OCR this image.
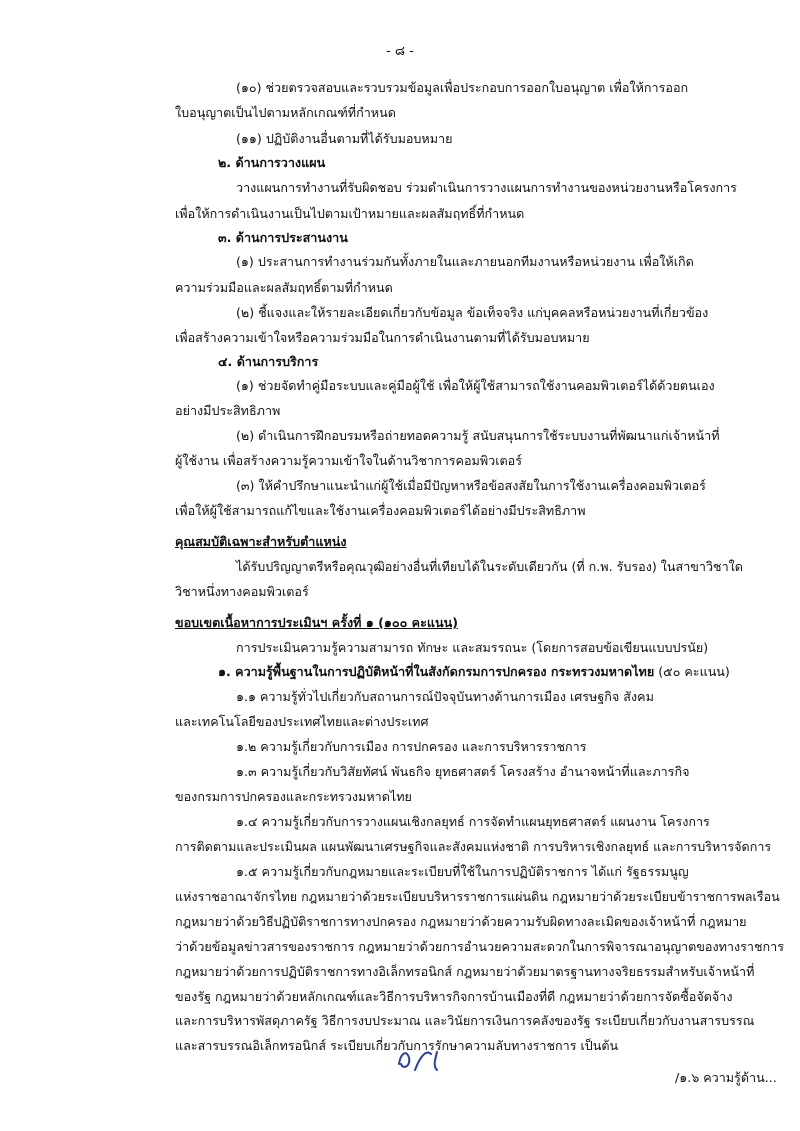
- ๘ -
(๑๐) ช่วยตรวจสอบและรวบรวมข้อมูลเพื่อประกอบการออกใบอนุญาต เพื่อให้การออก
ใบอนุญาตเป็นไปตามหลักเกณฑ์ที่กำหนด
(๑๑) ปฏิบัติงานอื่นตามที่ได้รับมอบหมาย
๒. ด้านการวางแผน
วางแผนการทำงานที่รับผิดชอบ ร่วมดำเนินการวางแผนการทำงานของหน่วยงานหรือโครงการ
เพื่อให้การดำเนินงานเป็นไปตามเป้าหมายและผลสัมฤทธิ์ที่กำหนด
๓. ด้านการประสานงาน
(๑) ประสานการทำงานร่วมกันทั้งภายในและภายนอกทีมงานหรือหน่วยงาน เพื่อให้เกิด
ความร่วมมือและผลสัมฤทธิ์ตามที่กำหนด
(๒) ชี้แจงและให้รายละเอียดเกี่ยวกับข้อมูล ข้อเท็จจริง แก่บุคคลหรือหน่วยงานที่เกี่ยวข้อง
เพื่อสร้างความเข้าใจหรือความร่วมมือในการดำเนินงานตามที่ได้รับมอบหมาย
๔. ด้านการบริการ
(๑) ช่วยจัดทำคู่มือระบบและคู่มือผู้ใช้ เพื่อให้ผู้ใช้สามารถใช้งานคอมพิวเตอร์ได้ด้วยตนเอง
อย่างมีประสิทธิภาพ
(๒) ดำเนินการฝึกอบรมหรือถ่ายทอดความรู้ สนับสนุนการใช้ระบบงานที่พัฒนาแก่เจ้าหน้าที่
ผู้ใช้งาน เพื่อสร้างความรู้ความเข้าใจในด้านวิชาการคอมพิวเตอร์
(๓) ให้คำปรึกษาแนะนำแก่ผู้ใช้เมื่อมีปัญหาหรือข้อสงสัยในการใช้งานเครื่องคอมพิวเตอร์
เพื่อให้ผู้ใช้สามารถแก้ไขและใช้งานเครื่องคอมพิวเตอร์ได้อย่างมีประสิทธิภาพ
คุณสมบัติเฉพาะสำหรับตำแหน่ง
ได้รับปริญญาตรีหรือคุณวุฒิอย่างอื่นที่เทียบได้ในระดับเดียวกัน (ที่ ก.พ. รับรอง) ในสาขาวิชาใด
วิชาหนึ่งทางคอมพิวเตอร์
ขอบเขตเนื้อหาการประเมินฯ ครั้งที่ ๑ (๑๐๐ คะแนน)
การประเมินความรู้ความสามารถ ทักษะ และสมรรถนะ (โดยการสอบข้อเขียนแบบปรนัย)
๑. ความรู้พื้นฐานในการปฏิบัติหน้าที่ในสังกัดกรมการปกครอง กระทรวงมหาดไทย (๕๐ คะแนน)
๑.๑ ความรู้ทั่วไปเกี่ยวกับสถานการณ์ปัจจุบันทางด้านการเมือง เศรษฐกิจ สังคม
และเทคโนโลยีของประเทศไทยและต่างประเทศ
๑.๒ ความรู้เกี่ยวกับการเมือง การปกครอง และการบริหารราชการ
๑.๓ ความรู้เกี่ยวกับวิสัยทัศน์ พันธกิจ ยุทธศาสตร์ โครงสร้าง อำนาจหน้าที่และภารกิจ
ของกรมการปกครองและกระทรวงมหาดไทย
๑.๔ ความรู้เกี่ยวกับการวางแผนเชิงกลยุทธ์ การจัดทำแผนยุทธศาสตร์ แผนงาน โครงการ
การติดตามและประเมินผล แผนพัฒนาเศรษฐกิจและสังคมแห่งชาติ การบริหารเชิงกลยุทธ์ และการบริหารจัดการ
๑.๕ ความรู้เกี่ยวกับกฎหมายและระเบียบที่ใช้ในการปฏิบัติราชการ ได้แก่ รัฐธรรมนูญ
แห่งราชอาณาจักรไทย กฎหมายว่าด้วยระเบียบบริหารราชการแผ่นดิน กฎหมายว่าด้วยระเบียบข้าราชการพลเรือน
กฎหมายว่าด้วยวิธีปฏิบัติราชการทางปกครอง กฎหมายว่าด้วยความรับผิดทางละเมิดของเจ้าหน้าที่ กฎหมาย
ว่าด้วยข้อมูลข่าวสารของราชการ กฎหมายว่าด้วยการอำนวยความสะดวกในการพิจารณาอนุญาตของทางราชการ
กฎหมายว่าด้วยการปฏิบัติราชการทางอิเล็กทรอนิกส์ กฎหมายว่าด้วยมาตรฐานทางจริยธรรมสำหรับเจ้าหน้าที่
ของรัฐ กฎหมายว่าด้วยหลักเกณฑ์และวิธีการบริหารกิจการบ้านเมืองที่ดี กฎหมายว่าด้วยการจัดซื้อจัดจ้าง
และการบริหารพัสดุภาครัฐ วิธีการงบประมาณ และวินัยการเงินการคลังของรัฐ ระเบียบเกี่ยวกับงานสารบรรณ
และสารบรรณอิเล็กทรอนิกส์ ระเบียบเกี่ยวกับการรักษาความลับทางราชการ เป็นต้น
/๑.๖ ความรู้ด้าน...
